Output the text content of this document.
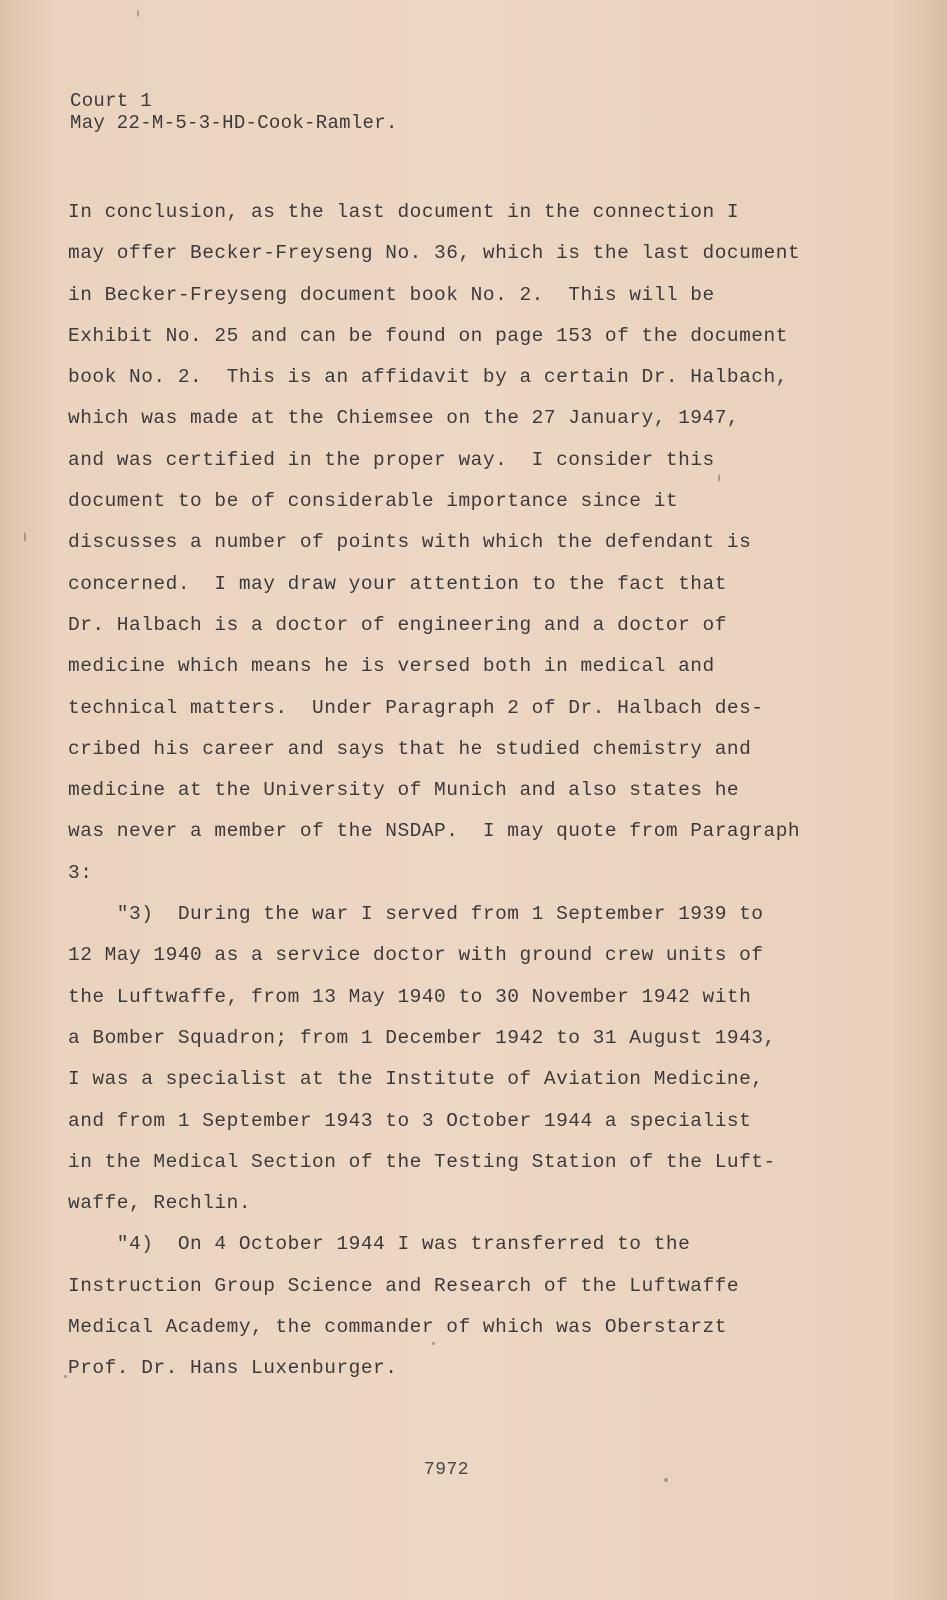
Court 1
May 22-M-5-3-HD-Cook-Ramler.
In conclusion, as the last document in the connection I
may offer Becker-Freyseng No. 36, which is the last document
in Becker-Freyseng document book No. 2.  This will be
Exhibit No. 25 and can be found on page 153 of the document
book No. 2.  This is an affidavit by a certain Dr. Halbach,
which was made at the Chiemsee on the 27 January, 1947,
and was certified in the proper way.  I consider this
document to be of considerable importance since it
discusses a number of points with which the defendant is
concerned.  I may draw your attention to the fact that
Dr. Halbach is a doctor of engineering and a doctor of
medicine which means he is versed both in medical and
technical matters.  Under Paragraph 2 of Dr. Halbach des-
cribed his career and says that he studied chemistry and
medicine at the University of Munich and also states he
was never a member of the NSDAP.  I may quote from Paragraph
3:
"3)  During the war I served from 1 September 1939 to
12 May 1940 as a service doctor with ground crew units of
the Luftwaffe, from 13 May 1940 to 30 November 1942 with
a Bomber Squadron; from 1 December 1942 to 31 August 1943,
I was a specialist at the Institute of Aviation Medicine,
and from 1 September 1943 to 3 October 1944 a specialist
in the Medical Section of the Testing Station of the Luft-
waffe, Rechlin.
"4)  On 4 October 1944 I was transferred to the
Instruction Group Science and Research of the Luftwaffe
Medical Academy, the commander of which was Oberstarzt
Prof. Dr. Hans Luxenburger.
7972
